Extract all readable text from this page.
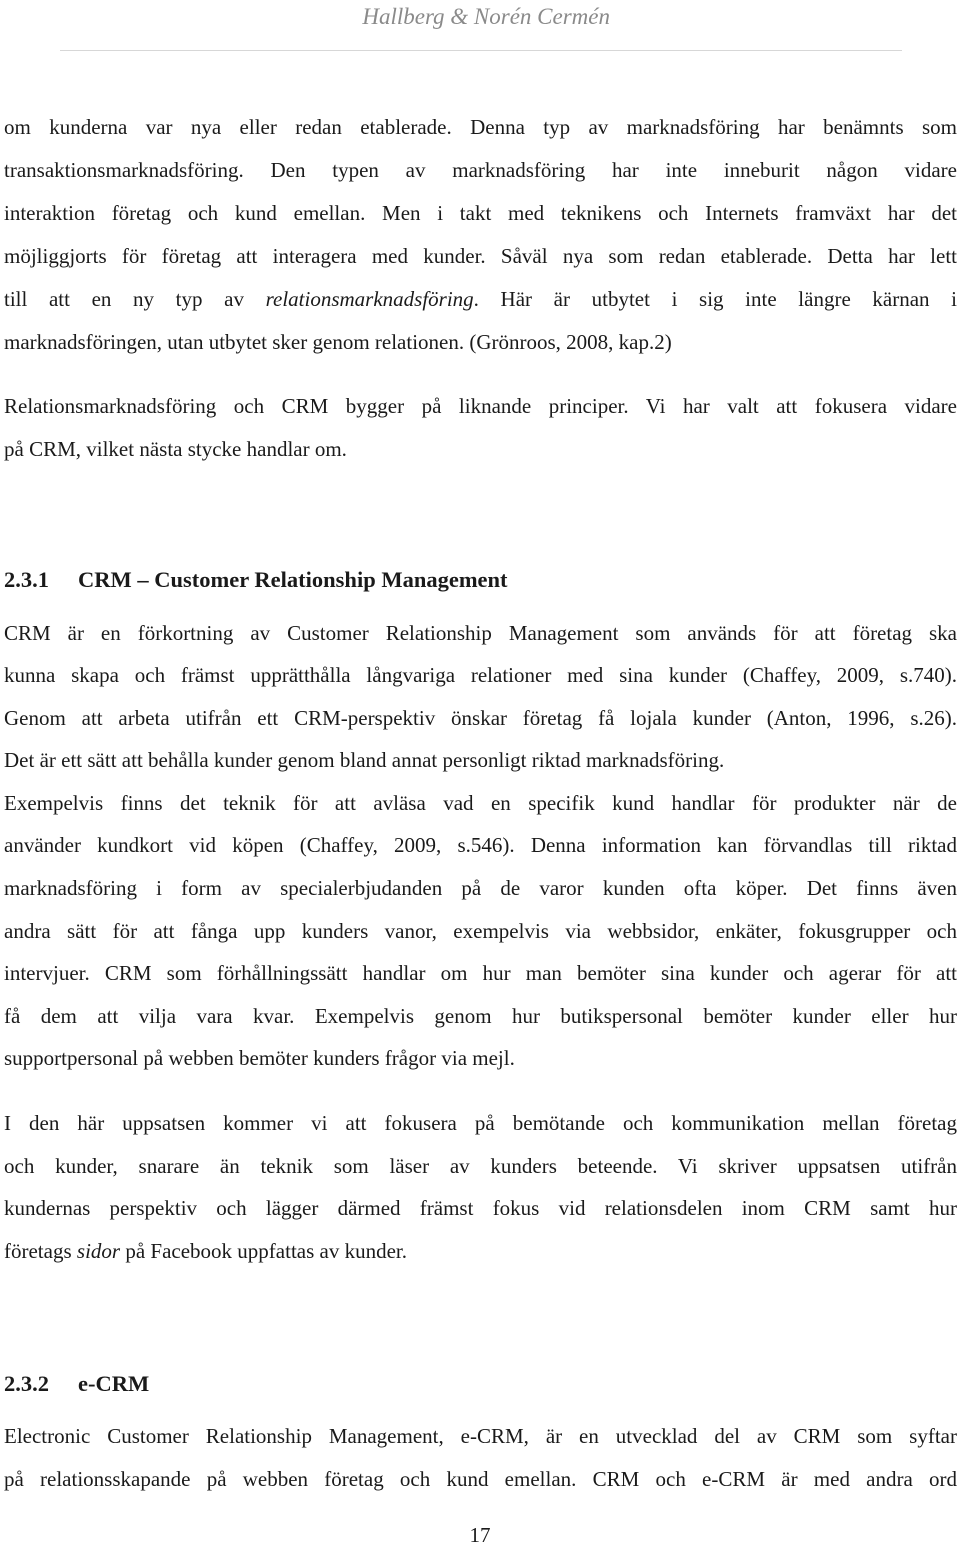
Hallberg & Norén Cermén
om kunderna var nya eller redan etablerade. Denna typ av marknadsföring har benämnts som
transaktionsmarknadsföring. Den typen av marknadsföring har inte inneburit någon vidare
interaktion företag och kund emellan. Men i takt med teknikens och Internets framväxt har det
möjliggjorts för företag att interagera med kunder. Såväl nya som redan etablerade. Detta har lett
till att en ny typ av relationsmarknadsföring. Här är utbytet i sig inte längre kärnan i
marknadsföringen, utan utbytet sker genom relationen. (Grönroos, 2008, kap.2)
Relationsmarknadsföring och CRM bygger på liknande principer. Vi har valt att fokusera vidare
på CRM, vilket nästa stycke handlar om.
2.3.1 CRM – Customer Relationship Management
CRM är en förkortning av Customer Relationship Management som används för att företag ska
kunna skapa och främst upprätthålla långvariga relationer med sina kunder (Chaffey, 2009, s.740).
Genom att arbeta utifrån ett CRM-perspektiv önskar företag få lojala kunder (Anton, 1996, s.26).
Det är ett sätt att behålla kunder genom bland annat personligt riktad marknadsföring.
Exempelvis finns det teknik för att avläsa vad en specifik kund handlar för produkter när de
använder kundkort vid köpen (Chaffey, 2009, s.546). Denna information kan förvandlas till riktad
marknadsföring i form av specialerbjudanden på de varor kunden ofta köper. Det finns även
andra sätt för att fånga upp kunders vanor, exempelvis via webbsidor, enkäter, fokusgrupper och
intervjuer. CRM som förhållningssätt handlar om hur man bemöter sina kunder och agerar för att
få dem att vilja vara kvar. Exempelvis genom hur butikspersonal bemöter kunder eller hur
supportpersonal på webben bemöter kunders frågor via mejl.
I den här uppsatsen kommer vi att fokusera på bemötande och kommunikation mellan företag
och kunder, snarare än teknik som läser av kunders beteende. Vi skriver uppsatsen utifrån
kundernas perspektiv och lägger därmed främst fokus vid relationsdelen inom CRM samt hur
företags sidor på Facebook uppfattas av kunder.
2.3.2 e-CRM
Electronic Customer Relationship Management, e-CRM, är en utvecklad del av CRM som syftar
på relationsskapande på webben företag och kund emellan. CRM och e-CRM är med andra ord
17
